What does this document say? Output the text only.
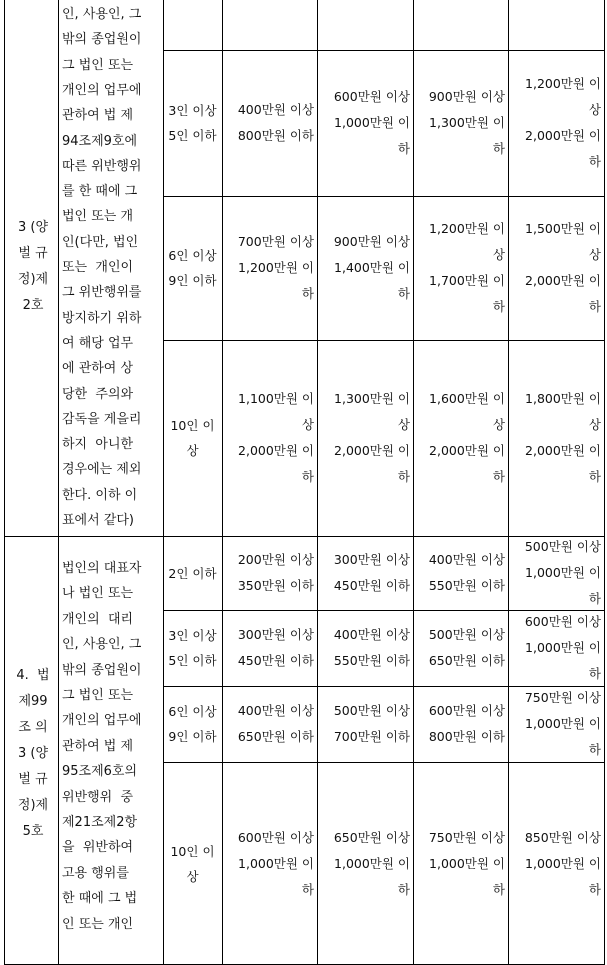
3 (양
벌 규
정)제
2호
인, 사용인, 그
밖의 종업원이
그 법인 또는
개인의 업무에
관하여 법 제
94조제9호에
따른 위반행위
를 한 때에 그
법인 또는 개
인(다만, 법인
또는  개인이
그 위반행위를
방지하기 위하
여 해당 업무
에 관하여 상
당한  주의와
감독을 게을리
하지  아니한
경우에는 제외
한다. 이하 이
표에서 같다)
3인 이상
5인 이하
400만원 이상
800만원 이하
600만원 이상
1,000만원 이
하
900만원 이상
1,300만원 이
하
1,200만원 이
상
2,000만원 이
하
6인 이상
9인 이하
700만원 이상
1,200만원 이
하
900만원 이상
1,400만원 이
하
1,200만원 이
상
1,700만원 이
하
1,500만원 이
상
2,000만원 이
하
10인 이
상
1,100만원 이
상
2,000만원 이
하
1,300만원 이
상
2,000만원 이
하
1,600만원 이
상
2,000만원 이
하
1,800만원 이
상
2,000만원 이
하
4.  법
제99
조 의
3 (양
벌 규
정)제
5호
법인의 대표자
나 법인 또는
개인의  대리
인, 사용인, 그
밖의 종업원이
그 법인 또는
개인의 업무에
관하여 법 제
95조제6호의
위반행위  중
제21조제2항
을  위반하여
고용 행위를
한 때에 그 법
인 또는 개인
2인 이하
200만원 이상
350만원 이하
300만원 이상
450만원 이하
400만원 이상
550만원 이하
500만원 이상
1,000만원 이
하
3인 이상
5인 이하
300만원 이상
450만원 이하
400만원 이상
550만원 이하
500만원 이상
650만원 이하
600만원 이상
1,000만원 이
하
6인 이상
9인 이하
400만원 이상
650만원 이하
500만원 이상
700만원 이하
600만원 이상
800만원 이하
750만원 이상
1,000만원 이
하
10인 이
상
600만원 이상
1,000만원 이
하
650만원 이상
1,000만원 이
하
750만원 이상
1,000만원 이
하
850만원 이상
1,000만원 이
하
